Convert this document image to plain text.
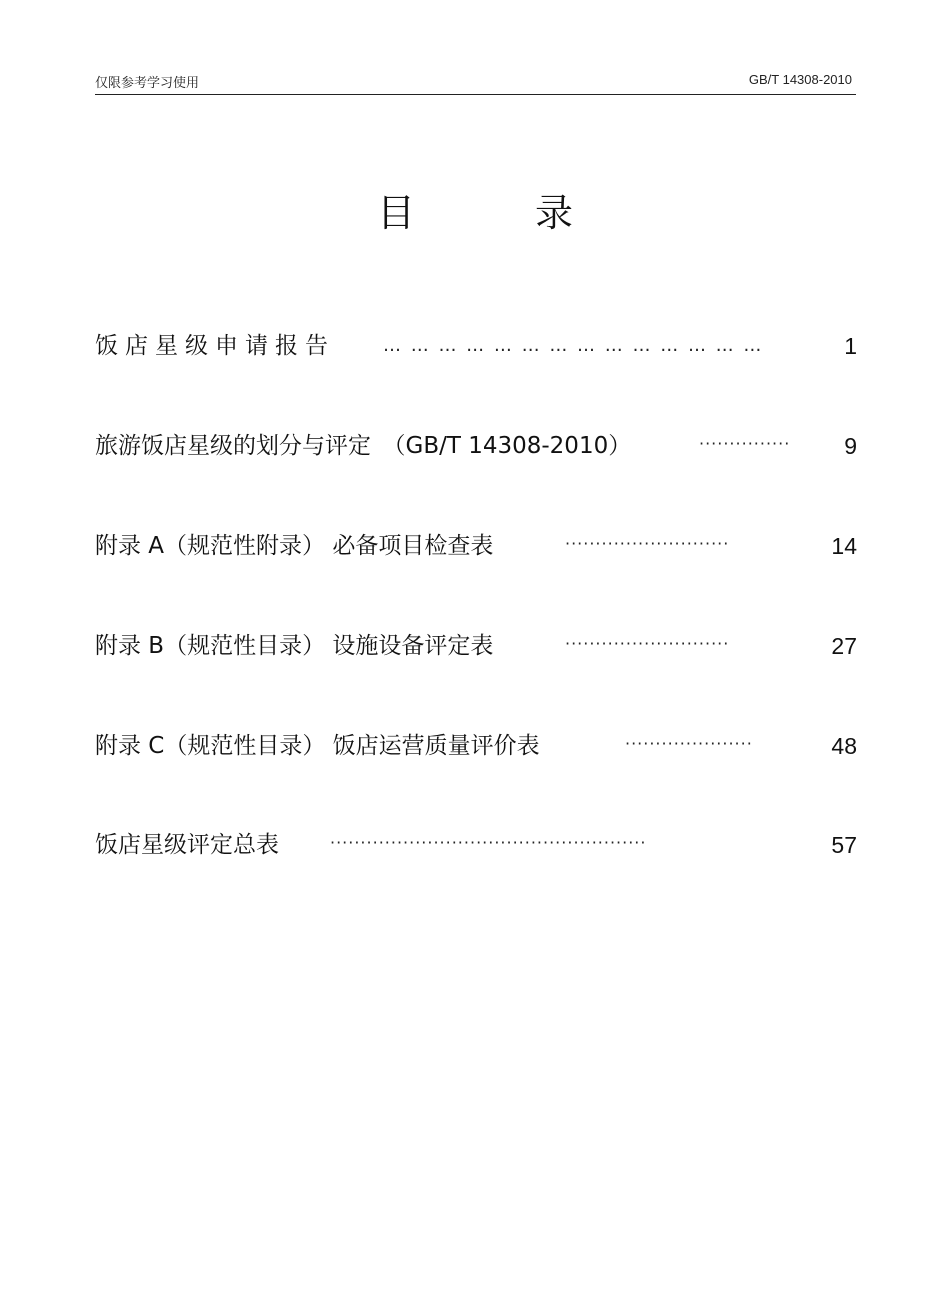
仅限参考学习使用	GB/T 14308-2010
目	录
饭店星级申请报告	… … … … … … … … … … … … … …	1
旅游饭店星级的划分与评定　（GB/T 14308-2010）	···············	9
附录 A（规范性附录） 必备项目检查表	···························	14
附录 B（规范性目录） 设施设备评定表	···························	27
附录 C（规范性目录） 饭店运营质量评价表	·····················	48
饭店星级评定总表	····················································	57
